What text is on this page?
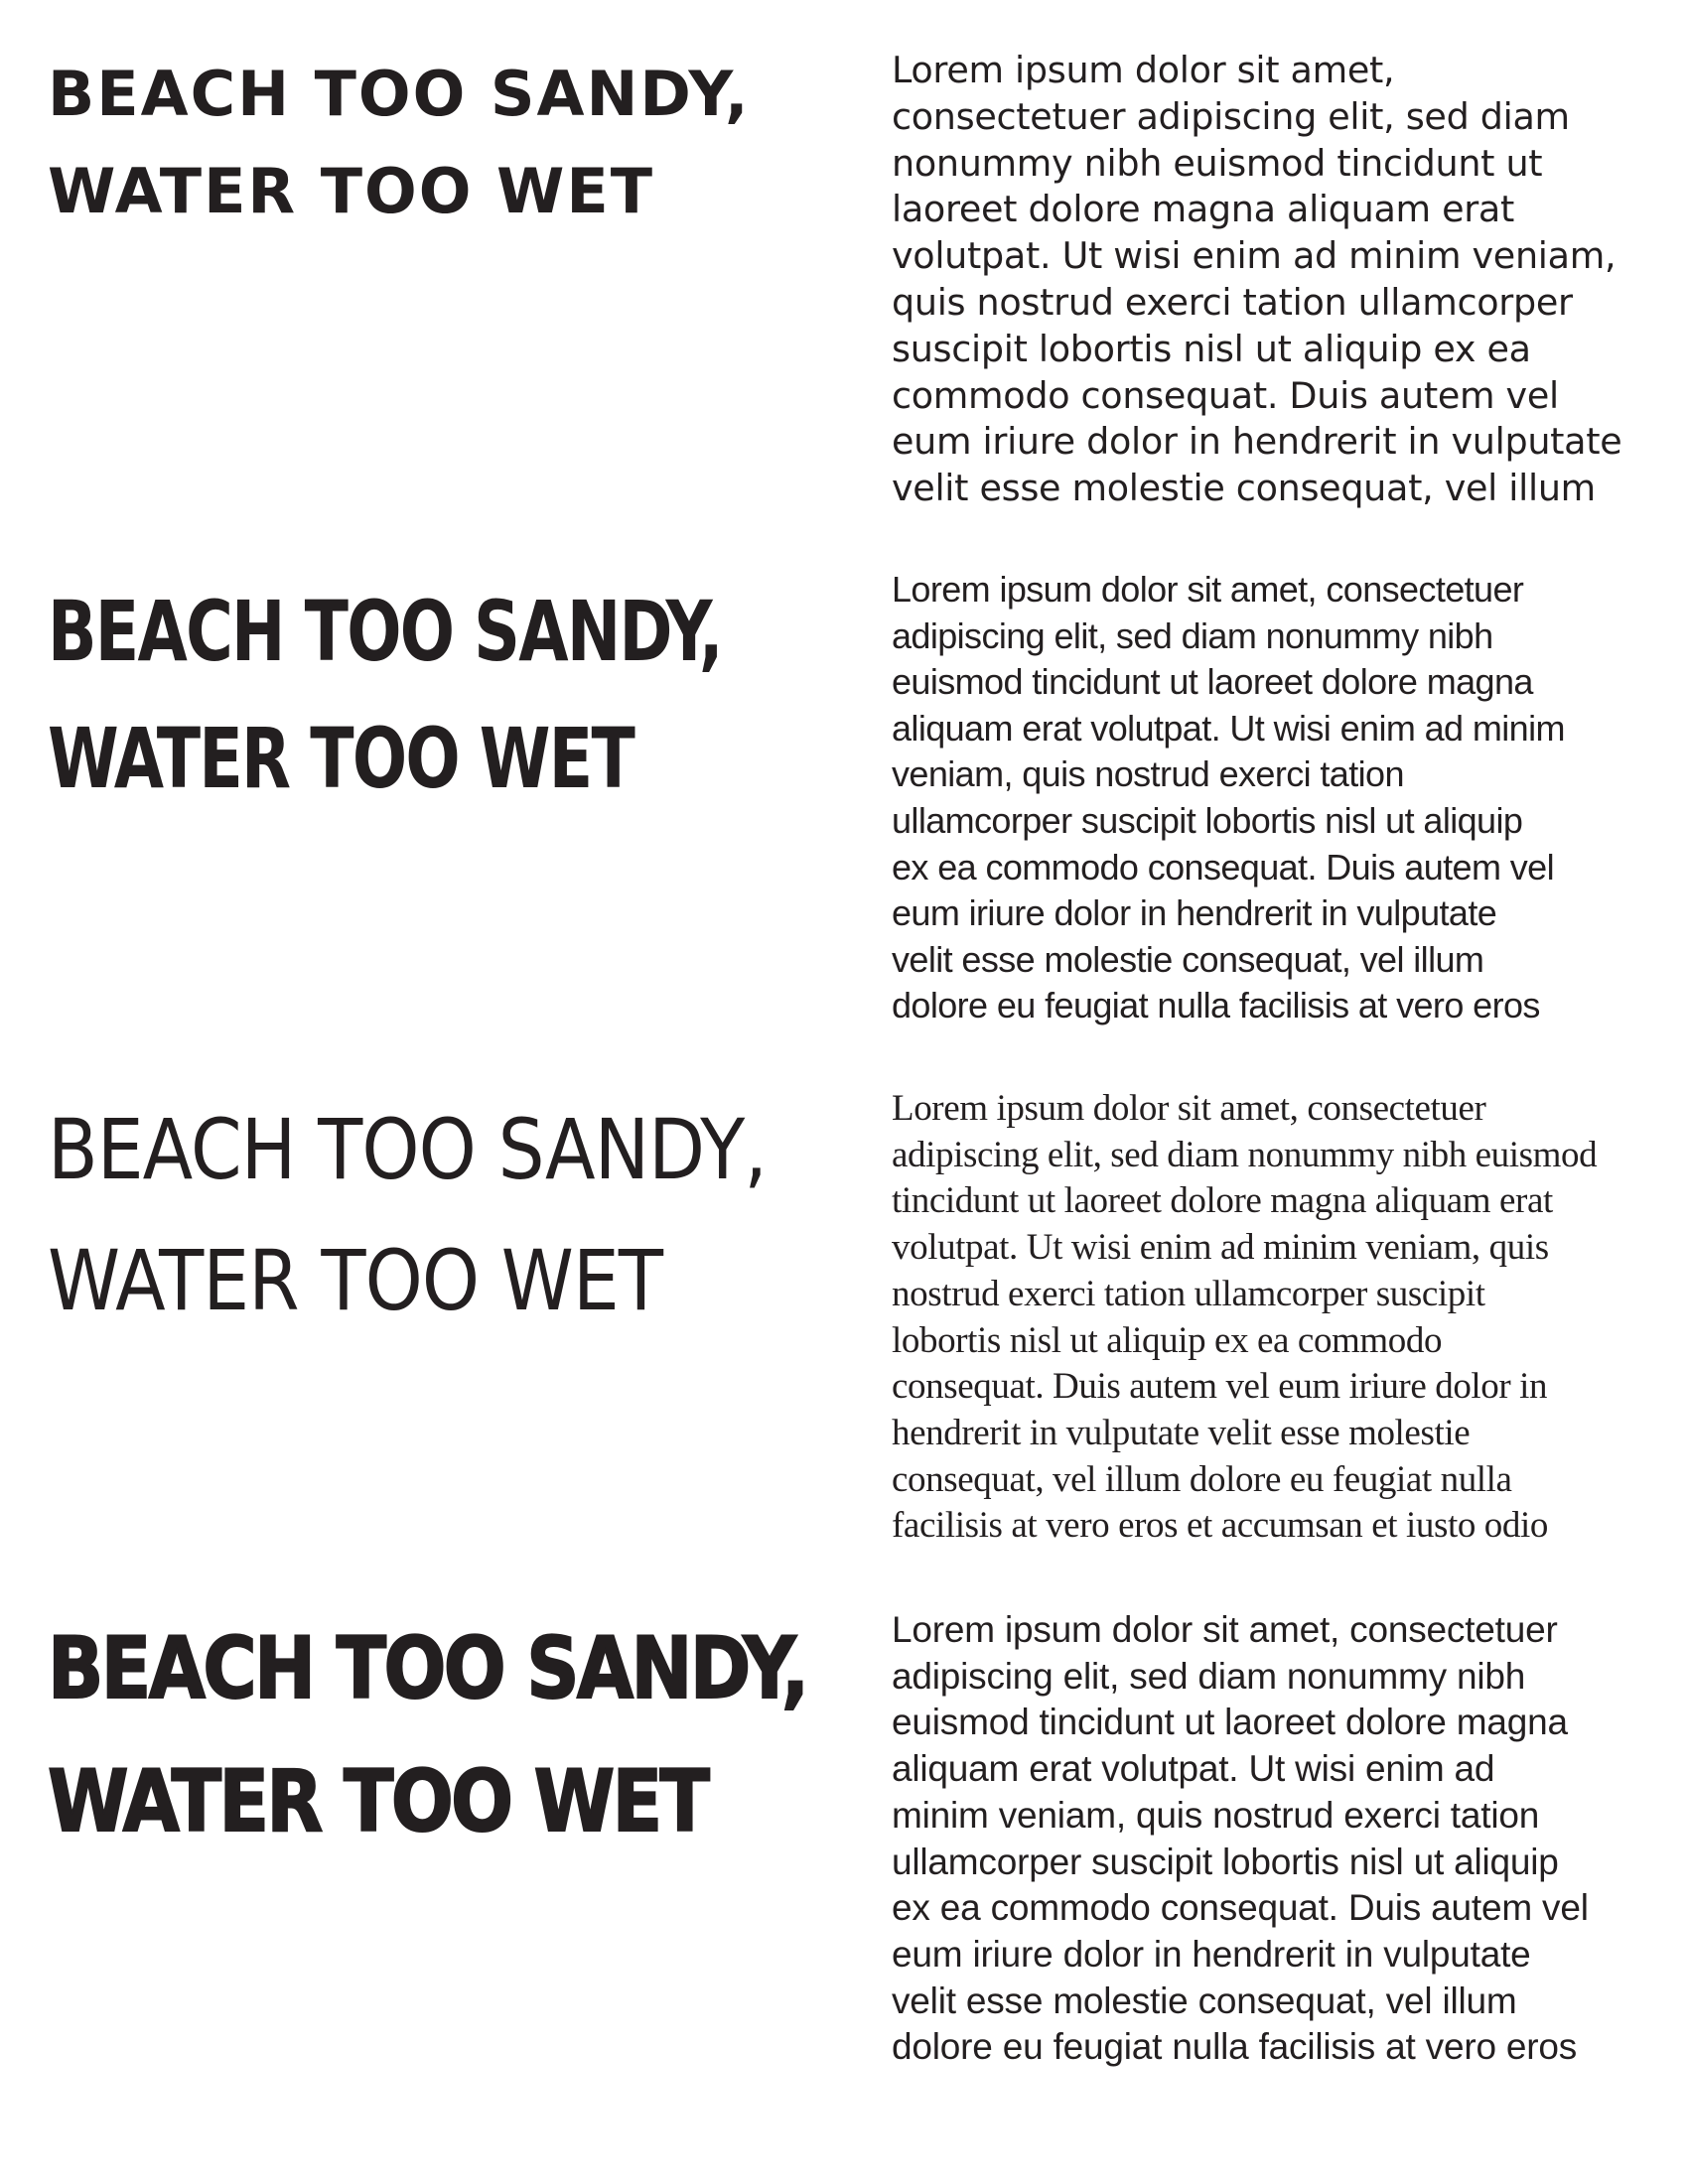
BEACH TOO SANDY,
WATER TOO WET

Lorem ipsum dolor sit amet,
consectetuer adipiscing elit, sed diam
nonummy nibh euismod tincidunt ut
laoreet dolore magna aliquam erat
volutpat. Ut wisi enim ad minim veniam,
quis nostrud exerci tation ullamcorper
suscipit lobortis nisl ut aliquip ex ea
commodo consequat. Duis autem vel
eum iriure dolor in hendrerit in vulputate
velit esse molestie consequat, vel illum

BEACH TOO SANDY,
WATER TOO WET

Lorem ipsum dolor sit amet, consectetuer
adipiscing elit, sed diam nonummy nibh
euismod tincidunt ut laoreet dolore magna
aliquam erat volutpat. Ut wisi enim ad minim
veniam, quis nostrud exerci tation
ullamcorper suscipit lobortis nisl ut aliquip
ex ea commodo consequat. Duis autem vel
eum iriure dolor in hendrerit in vulputate
velit esse molestie consequat, vel illum
dolore eu feugiat nulla facilisis at vero eros

BEACH TOO SANDY,
WATER TOO WET

Lorem ipsum dolor sit amet, consectetuer
adipiscing elit, sed diam nonummy nibh euismod
tincidunt ut laoreet dolore magna aliquam erat
volutpat. Ut wisi enim ad minim veniam, quis
nostrud exerci tation ullamcorper suscipit
lobortis nisl ut aliquip ex ea commodo
consequat. Duis autem vel eum iriure dolor in
hendrerit in vulputate velit esse molestie
consequat, vel illum dolore eu feugiat nulla
facilisis at vero eros et accumsan et iusto odio

BEACH TOO SANDY,
WATER TOO WET

Lorem ipsum dolor sit amet, consectetuer
adipiscing elit, sed diam nonummy nibh
euismod tincidunt ut laoreet dolore magna
aliquam erat volutpat. Ut wisi enim ad
minim veniam, quis nostrud exerci tation
ullamcorper suscipit lobortis nisl ut aliquip
ex ea commodo consequat. Duis autem vel
eum iriure dolor in hendrerit in vulputate
velit esse molestie consequat, vel illum
dolore eu feugiat nulla facilisis at vero eros
